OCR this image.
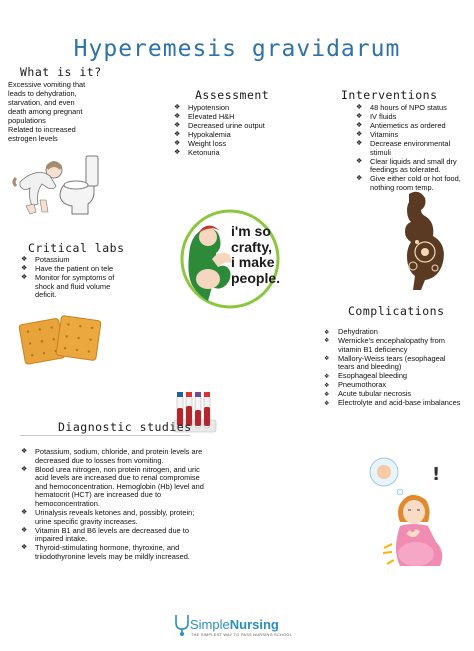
Hyperemesis gravidarum
What is it?
Excessive vomiting that
leads to dehydration,
starvation, and even
death among pregnant
populations
Related to increased
estrogen levels
Assessment
❖ Hypotension
❖ Elevated H&H
❖ Decreased urine output
❖ Hypokalemia
❖ Weight loss
❖ Ketonuria
Interventions
❖ 48 hours of NPO status
❖ IV fluids
❖ Antiemetics as ordered
❖ Vitamins
❖ Decrease environmental stimuli
❖ Clear liquids and small dry feedings as tolerated.
❖ Give either cold or hot food, nothing room temp.
Critical labs
❖ Potassium
❖ Have the patient on tele
❖ Monitor for symptoms of shock and fluid volume deficit.
i'm so
crafty,
i make
people.
Complications
❖ Dehydration
❖ Wernicke's encephalopathy from vitamin B1 deficiency
❖ Mallory-Weiss tears (esophageal tears and bleeding)
❖ Esophageal bleeding
❖ Pneumothorax
❖ Acute tubular necrosis
❖ Electrolyte and acid-base imbalances
Diagnostic studies
❖ Potassium, sodium, chloride, and protein levels are decreased due to losses from vomiting.
❖ Blood urea nitrogen, non protein nitrogen, and uric acid levels are increased due to renal compromise and hemoconcentration. Hemoglobin (Hb) level and hematocrit (HCT) are increased due to hemoconcentration.
❖ Urinalysis reveals ketones and, possibly, protein; urine specific gravity increases.
❖ Vitamin B1 and B6 levels are decreased due to impaired intake.
❖ Thyroid-stimulating hormone, thyroxine, and triiodothyronine levels may be mildly increased.
!
SimpleNursing
THE SIMPLEST WAY TO PASS NURSING SCHOOL
